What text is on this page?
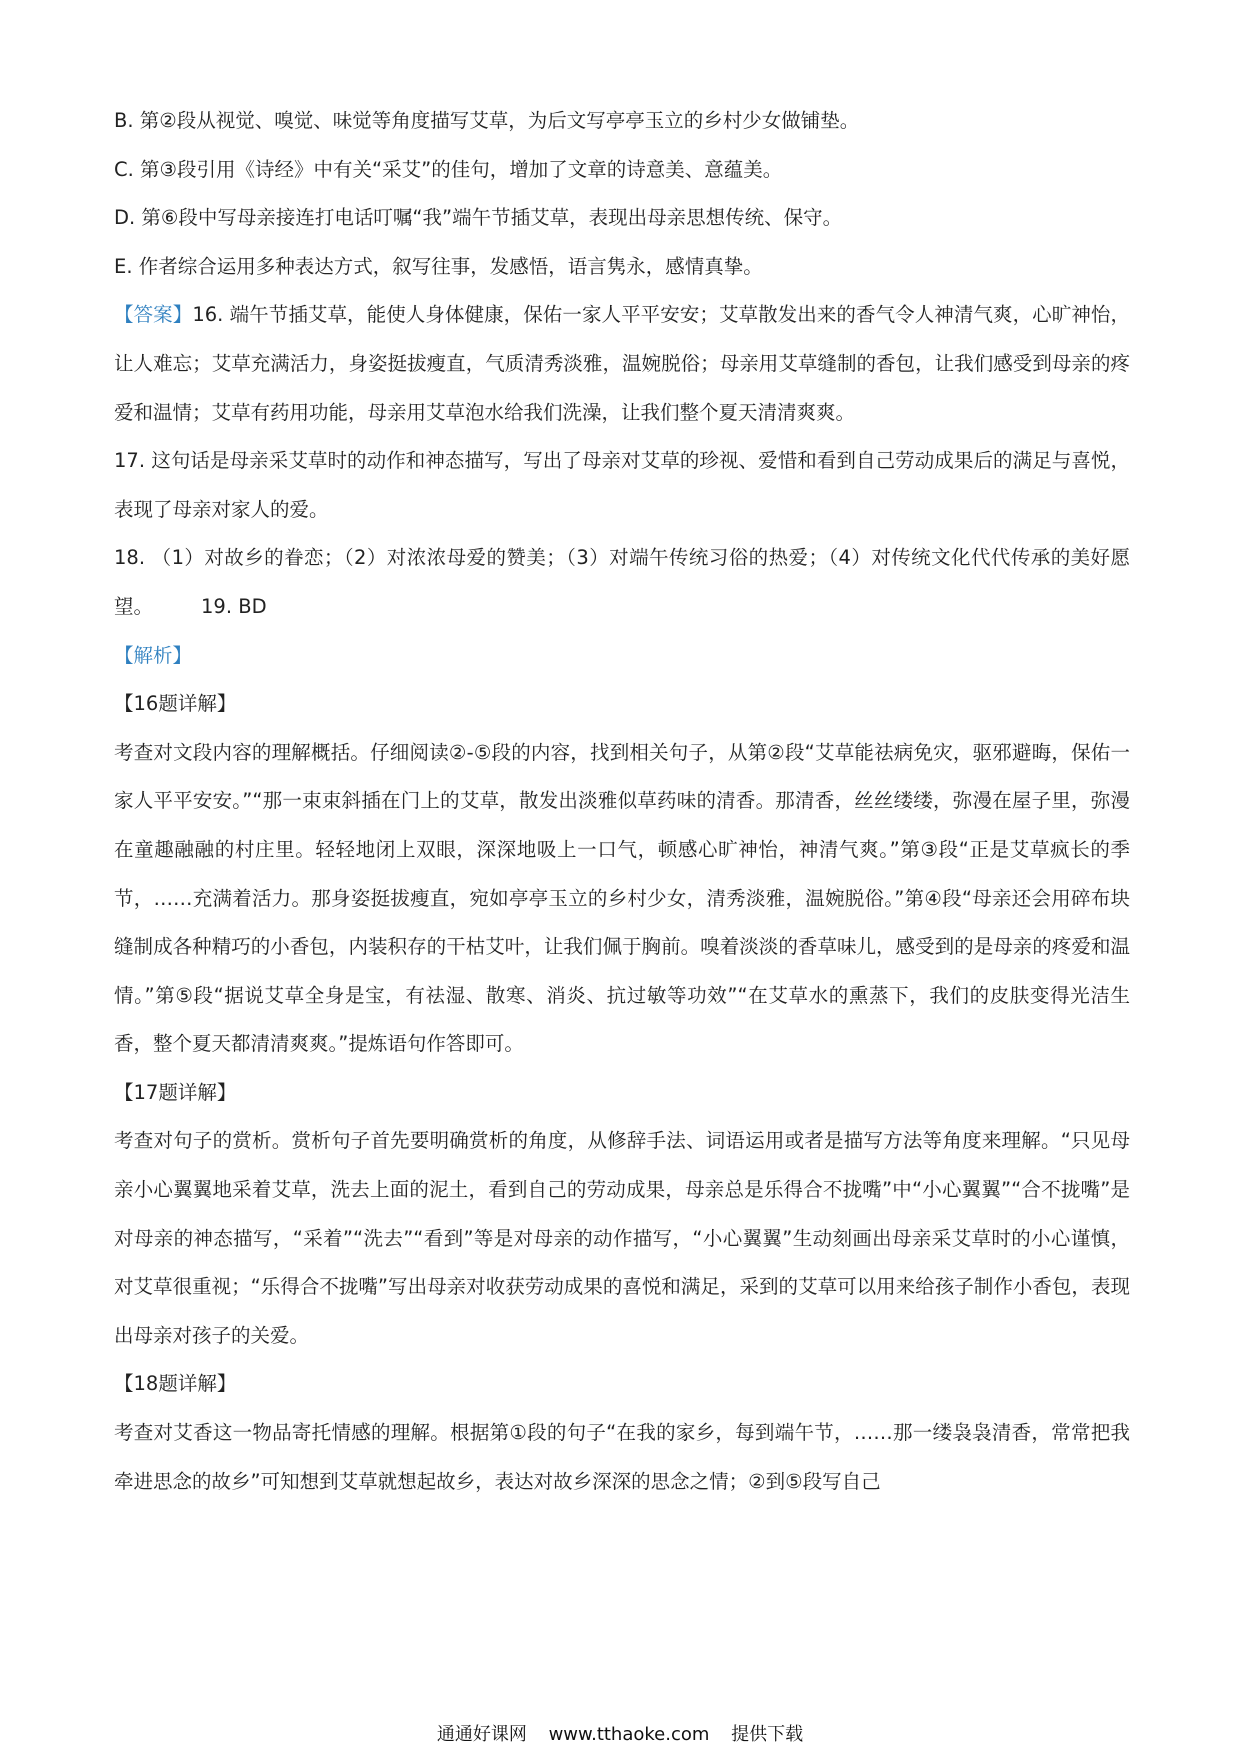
B. 第②段从视觉、嗅觉、味觉等角度描写艾草，为后文写亭亭玉立的乡村少女做铺垫。

C. 第③段引用《诗经》中有关“采艾”的佳句，增加了文章的诗意美、意蕴美。

D. 第⑥段中写母亲接连打电话叮嘱“我”端午节插艾草，表现出母亲思想传统、保守。

E. 作者综合运用多种表达方式，叙写往事，发感悟，语言隽永，感情真挚。

【答案】16. 端午节插艾草，能使人身体健康，保佑一家人平平安安；艾草散发出来的香气令人神清气爽，心旷神怡，让人难忘；艾草充满活力，身姿挺拔瘦直，气质清秀淡雅，温婉脱俗；母亲用艾草缝制的香包，让我们感受到母亲的疼爱和温情；艾草有药用功能，母亲用艾草泡水给我们洗澡，让我们整个夏天清清爽爽。

17. 这句话是母亲采艾草时的动作和神态描写，写出了母亲对艾草的珍视、爱惜和看到自己劳动成果后的满足与喜悦，表现了母亲对家人的爱。

18. （1）对故乡的眷恋；（2）对浓浓母爱的赞美；（3）对端午传统习俗的热爱；（4）对传统文化代代传承的美好愿望。 19. BD

【解析】

【16题详解】

考查对文段内容的理解概括。仔细阅读②-⑤段的内容，找到相关句子，从第②段“艾草能祛病免灾，驱邪避晦，保佑一家人平平安安。”“那一束束斜插在门上的艾草，散发出淡雅似草药味的清香。那清香，丝丝缕缕，弥漫在屋子里，弥漫在童趣融融的村庄里。轻轻地闭上双眼，深深地吸上一口气，顿感心旷神怡，神清气爽。”第③段“正是艾草疯长的季节，……充满着活力。那身姿挺拔瘦直，宛如亭亭玉立的乡村少女，清秀淡雅，温婉脱俗。”第④段“母亲还会用碎布块缝制成各种精巧的小香包，内装积存的干枯艾叶，让我们佩于胸前。嗅着淡淡的香草味儿，感受到的是母亲的疼爱和温情。”第⑤段“据说艾草全身是宝，有祛湿、散寒、消炎、抗过敏等功效”“在艾草水的熏蒸下，我们的皮肤变得光洁生香，整个夏天都清清爽爽。”提炼语句作答即可。

【17题详解】

考查对句子的赏析。赏析句子首先要明确赏析的角度，从修辞手法、词语运用或者是描写方法等角度来理解。“只见母亲小心翼翼地采着艾草，洗去上面的泥土，看到自己的劳动成果，母亲总是乐得合不拢嘴”中“小心翼翼”“合不拢嘴”是对母亲的神态描写，“采着”“洗去”“看到”等是对母亲的动作描写，“小心翼翼”生动刻画出母亲采艾草时的小心谨慎，对艾草很重视；“乐得合不拢嘴”写出母亲对收获劳动成果的喜悦和满足，采到的艾草可以用来给孩子制作小香包，表现出母亲对孩子的关爱。

【18题详解】

考查对艾香这一物品寄托情感的理解。根据第①段的句子“在我的家乡，每到端午节，……那一缕袅袅清香，常常把我牵进思念的故乡”可知想到艾草就想起故乡，表达对故乡深深的思念之情；②到⑤段写自己

通通好课网 www.tthaoke.com 提供下载
